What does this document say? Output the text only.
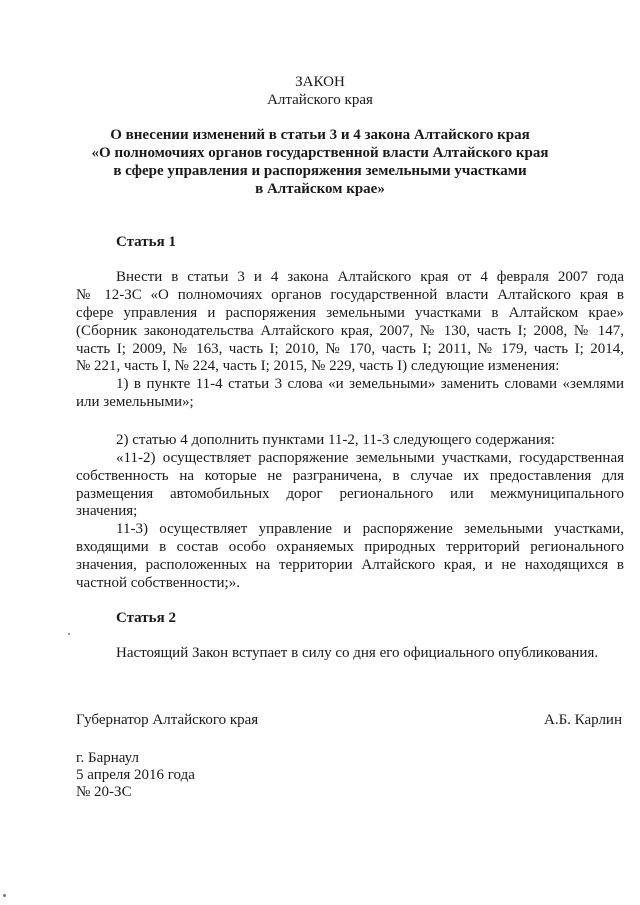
ЗАКОН
Алтайского края
О внесении изменений в статьи 3 и 4 закона Алтайского края
«О полномочиях органов государственной власти Алтайского края
в сфере управления и распоряжения земельными участками
в Алтайском крае»
Статья 1
Внести в статьи 3 и 4 закона Алтайского края от 4 февраля 2007 года
№ 12-ЗС «О полномочиях органов государственной власти Алтайского края в
сфере управления и распоряжения земельными участками в Алтайском крае»
(Сборник законодательства Алтайского края, 2007, № 130, часть I; 2008, № 147,
часть I; 2009, № 163, часть I; 2010, № 170, часть I; 2011, № 179, часть I; 2014,
№ 221, часть I, № 224, часть I; 2015, № 229, часть I) следующие изменения:
1) в пункте 11-4 статьи 3 слова «и земельными» заменить словами «землями
или земельными»;
2) статью 4 дополнить пунктами 11-2, 11-3 следующего содержания:
«11-2) осуществляет распоряжение земельными участками, государственная
собственность на которые не разграничена, в случае их предоставления для
размещения автомобильных дорог регионального или межмуниципального
значения;
11-3) осуществляет управление и распоряжение земельными участками,
входящими в состав особо охраняемых природных территорий регионального
значения, расположенных на территории Алтайского края, и не находящихся в
частной собственности;».
Статья 2
Настоящий Закон вступает в силу со дня его официального опубликования.
Губернатор Алтайского края	А.Б. Карлин
г. Барнаул
5 апреля 2016 года
№ 20-ЗС
